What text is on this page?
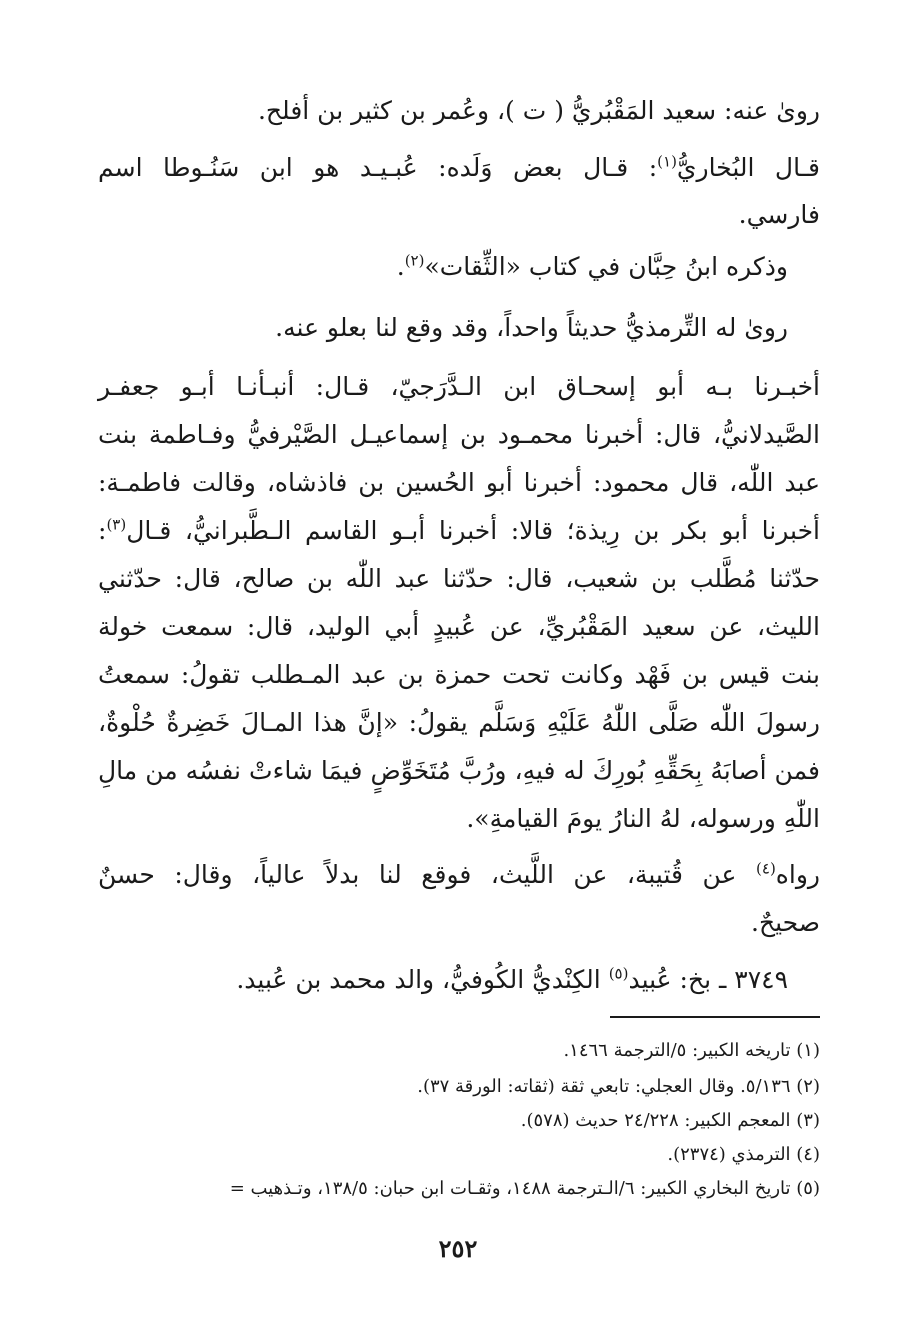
رویٰ عنه: سعید المَقْبُريُّ ( ت )، وعُمر بن كثیر بن أفلح.
قـال البُخاريُّ$^{(١)}$: قـال بعض وَلَده: عُبـيـد هو ابن سَنُـوطا اسم
فارسي.
وذكره ابنُ حِبَّان في كتاب «الثِّقات»$^{(٢)}$.
رویٰ له التِّرمذيُّ حديثاً واحداً، وقد وقع لنا بعلو عنه.
أخبـرنا بـه أبو إسحـاق ابن الـدَّرَجيّ، قـال: أنبـأنـا أبـو جعفـر
الصَّيدلانيُّ، قال: أخبرنا محمـود بن إسماعيـل الصَّيْرفيُّ وفـاطمة بنت
عبد اللّٰه، قال محمود: أخبرنا أبو الحُسين بن فاذشاه، وقالت فاطمـة:
أخبرنا أبو بكر بن رِيذة؛ قالا: أخبرنا أبـو القاسم الـطَّبرانيُّ، قـال$^{(٣)}$:
حدّثنا مُطَّلب بن شعيب، قال: حدّثنا عبد اللّٰه بن صالح، قال: حدّثني
الليث، عن سعيد المَقْبُريِّ، عن عُبيدٍ أبي الوليد، قال: سمعت خولة
بنت قيس بن فَهْد وكانت تحت حمزة بن عبد المـطلب تقولُ: سمعتُ
رسولَ اللّٰه صَلَّى اللّٰهُ عَلَيْهِ وَسَلَّم يقولُ: «إنَّ هذا المـالَ خَضِرةٌ حُلْوةٌ،
فمن أصابَهُ بِحَقِّهِ بُورِكَ له فيهِ، ورُبَّ مُتَخَوِّضٍ فيمَا شاءتْ نفسُه من مالِ
اللّٰهِ ورسوله، لهُ النارُ يومَ القيامةِ».
رواه$^{(٤)}$ عن قُتيبة، عن اللَّيث، فوقع لنا بدلاً عالياً، وقال: حسنٌ
صحيحٌ.
٣٧٤٩ ـ بخ: عُبيد$^{(٥)}$ الكِنْديُّ الكُوفيُّ، والد محمد بن عُبيد.
(١) تاريخه الكبير: ٥/الترجمة ١٤٦٦.
(٢) ٥/١٣٦. وقال العجلي: تابعي ثقة (ثقاته: الورقة ٣٧).
(٣) المعجم الكبير: ٢٤/٢٢٨ حديث (٥٧٨).
(٤) الترمذي (٢٣٧٤).
(٥) تاريخ البخاري الكبير: ٦/الـترجمة ١٤٨٨، وثقـات ابن حبان: ١٣٨/٥، وتـذهيب =
٢٥٢
